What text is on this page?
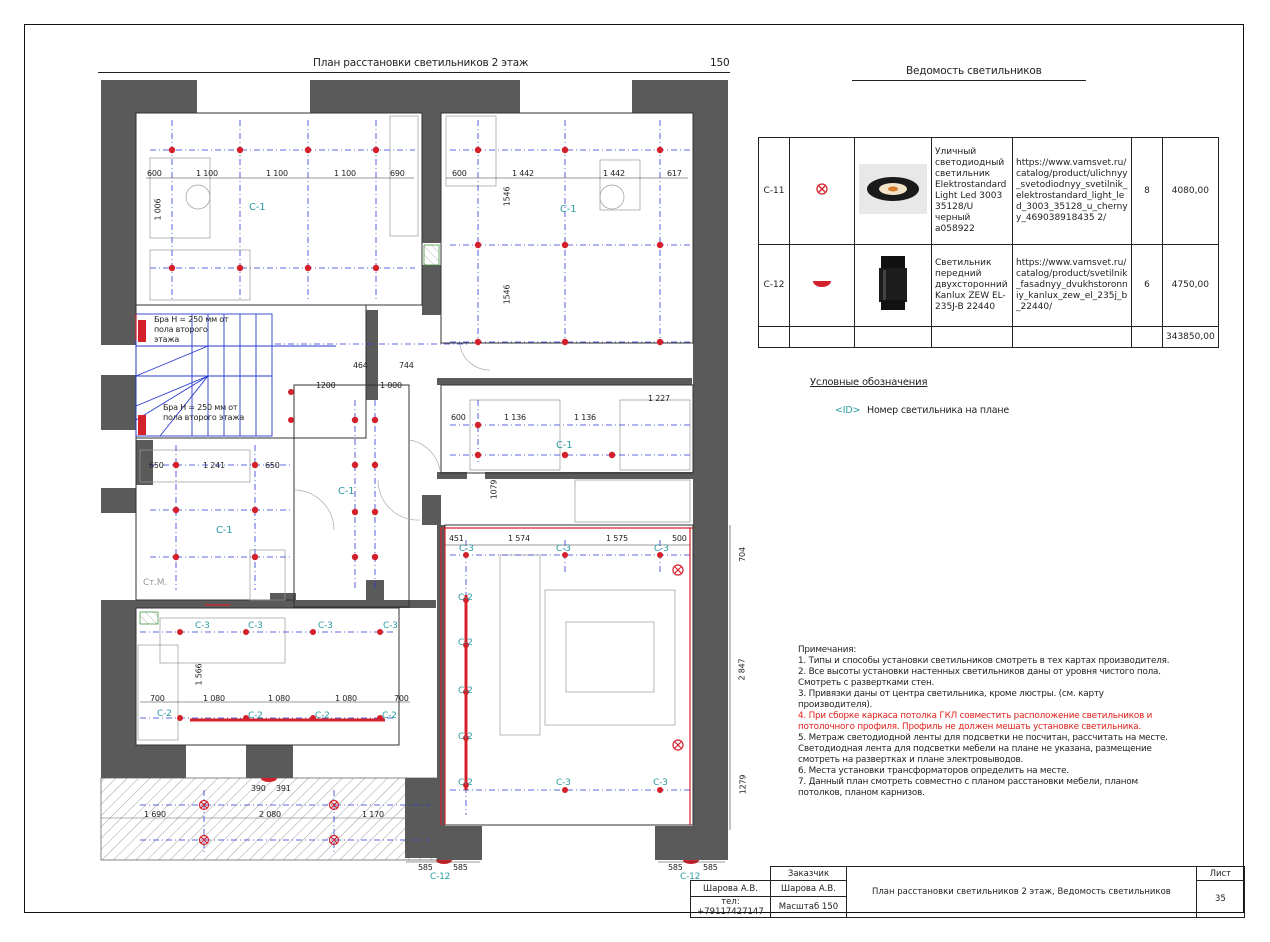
План расстановки светильников 2 этаж	150
С-1	С-1
С-1
С-1
С-1
С-3	С-3	С-3	С-3
С-2	С-2	С-2	С-2
С-3	С-3	С-3
С-2
С-2
С-2
С-2
С-2	С-3	С-3
С-12	С-12
Бра Н = 250 мм от пола второго этажа
Бра Н = 250 мм от пола второго этажа
Ст.М.
600	1 100	1 100	1 100	690	600	1 442	1 442	617
464	744
1200	1 000
1 227
600	1 136	1 136
650	1 241	650
451	1 574	1 575	500
700	1 080	1 080	1 080	700
390 391
1 690	2 080	1 170
585	585	585	585
704
2 847
1279
1546
1546
1 006
1079
1 566
Ведомость светильников
С-11			Уличный светодиодный светильник Elektrostandard Light Led 3003 35128/U черный a058922	https://www.vamsvet.ru/catalog/product/ulichnyy_svetodiodnyy_svetilnik_elektrostandard_light_led_3003_35128_u_chernyy_469038918435 2/	8	4080,00
С-12			Светильник передний двухсторонний Kanlux ZEW EL-235J-B 22440	https://www.vamsvet.ru/catalog/product/svetilnik_fasadnyy_dvukhstoronniy_kanlux_zew_el_235j_b_22440/	6	4750,00
						343850,00
Условные обозначения
<ID> Номер светильника на плане
Примечания:
1. Типы и способы установки светильников смотреть в тех картах производителя.
2. Все высоты установки настенных светильников даны от уровня чистого пола. Смотреть с развертками стен.
3. Привязки даны от центра светильника, кроме люстры. (см. карту производителя).
4. При сборке каркаса потолка ГКЛ совместить расположение светильников и потолочного профиля. Профиль не должен мешать установке светильника.
5. Метраж светодиодной ленты для подсветки не посчитан, рассчитать на месте. Светодиодная лента для подсветки мебели на плане не указана, размещение смотреть на развертках и плане электровыводов.
6. Места установки трансформаторов определить на месте.
7. Данный план смотреть совместно с планом расстановки мебели, планом потолков, планом карнизов.
	Заказчик	План расстановки светильников 2 этаж, Ведомость светильников	Лист
Шарова А.В.	Шарова А.В.		35
тел: +79117427147	Масштаб 150		
